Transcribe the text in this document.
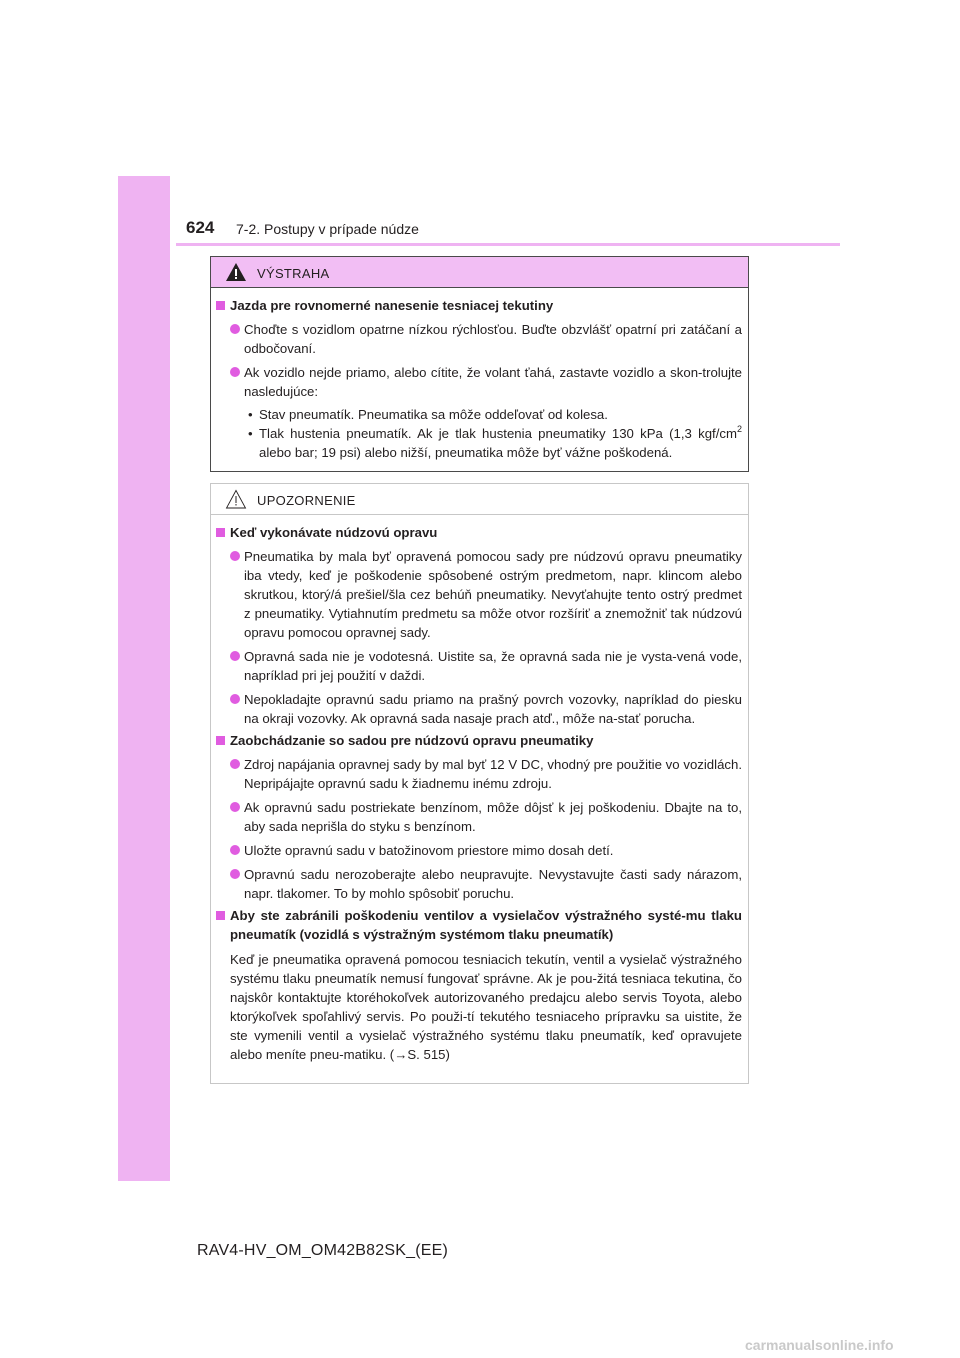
624 7-2. Postupy v prípade núdze
VÝSTRAHA

Jazda pre rovnomerné nanesenie tesniacej tekutiny

Choďte s vozidlom opatrne nízkou rýchlosťou. Buďte obzvlášť opatrní pri zatáčaní a odbočovaní.
Ak vozidlo nejde priamo, alebo cítite, že volant ťahá, zastavte vozidlo a skon-trolujte nasledujúce:
• Stav pneumatík. Pneumatika sa môže oddeľovať od kolesa.
• Tlak hustenia pneumatík. Ak je tlak hustenia pneumatiky 130 kPa (1,3 kgf/$cm^2$ alebo bar; 19 psi) alebo nižší, pneumatika môže byť vážne poškodená.
UPOZORNENIE

Keď vykonávate núdzovú opravu

Pneumatika by mala byť opravená pomocou sady pre núdzovú opravu pneumatiky iba vtedy, keď je poškodenie spôsobené ostrým predmetom, napr. klincom alebo skrutkou, ktorý/á prešiel/šla cez behúň pneumatiky. Nevyťahujte tento ostrý predmet z pneumatiky. Vytiahnutím predmetu sa môže otvor rozšíriť a znemožniť tak núdzovú opravu pomocou opravnej sady.
Opravná sada nie je vodotesná. Uistite sa, že opravná sada nie je vysta-vená vode, napríklad pri jej použití v daždi.
Nepokladajte opravnú sadu priamo na prašný povrch vozovky, napríklad do piesku na okraji vozovky. Ak opravná sada nasaje prach atď., môže na-stať porucha.

Zaobchádzanie so sadou pre núdzovú opravu pneumatiky

Zdroj napájania opravnej sady by mal byť 12 V DC, vhodný pre použitie vo vozidlách. Nepripájajte opravnú sadu k žiadnemu inému zdroju.
Ak opravnú sadu postriekate benzínom, môže dôjsť k jej poškodeniu. Dbajte na to, aby sada neprišla do styku s benzínom.
Uložte opravnú sadu v batožinovom priestore mimo dosah detí.
Opravnú sadu nerozoberajte alebo neupravujte. Nevystavujte časti sady nárazom, napr. tlakomer. To by mohlo spôsobiť poruchu.

Aby ste zabránili poškodeniu ventilov a vysielačov výstražného systé-mu tlaku pneumatík (vozidlá s výstražným systémom tlaku pneumatík)

Keď je pneumatika opravená pomocou tesniacich tekutín, ventil a vysielač výstražného systému tlaku pneumatík nemusí fungovať správne. Ak je pou-žitá tesniaca tekutina, čo najskôr kontaktujte ktoréhokoľvek autorizovaného predajcu alebo servis Toyota, alebo ktorýkoľvek spoľahlivý servis. Po použi-tí tekutého tesniaceho prípravku sa uistite, že ste vymenili ventil a vysielač výstražného systému tlaku pneumatík, keď opravujete alebo meníte pneu-matiku. (→S. 515)

RAV4-HV_OM_OM42B82SK_(EE)
carmanualsonline.info
